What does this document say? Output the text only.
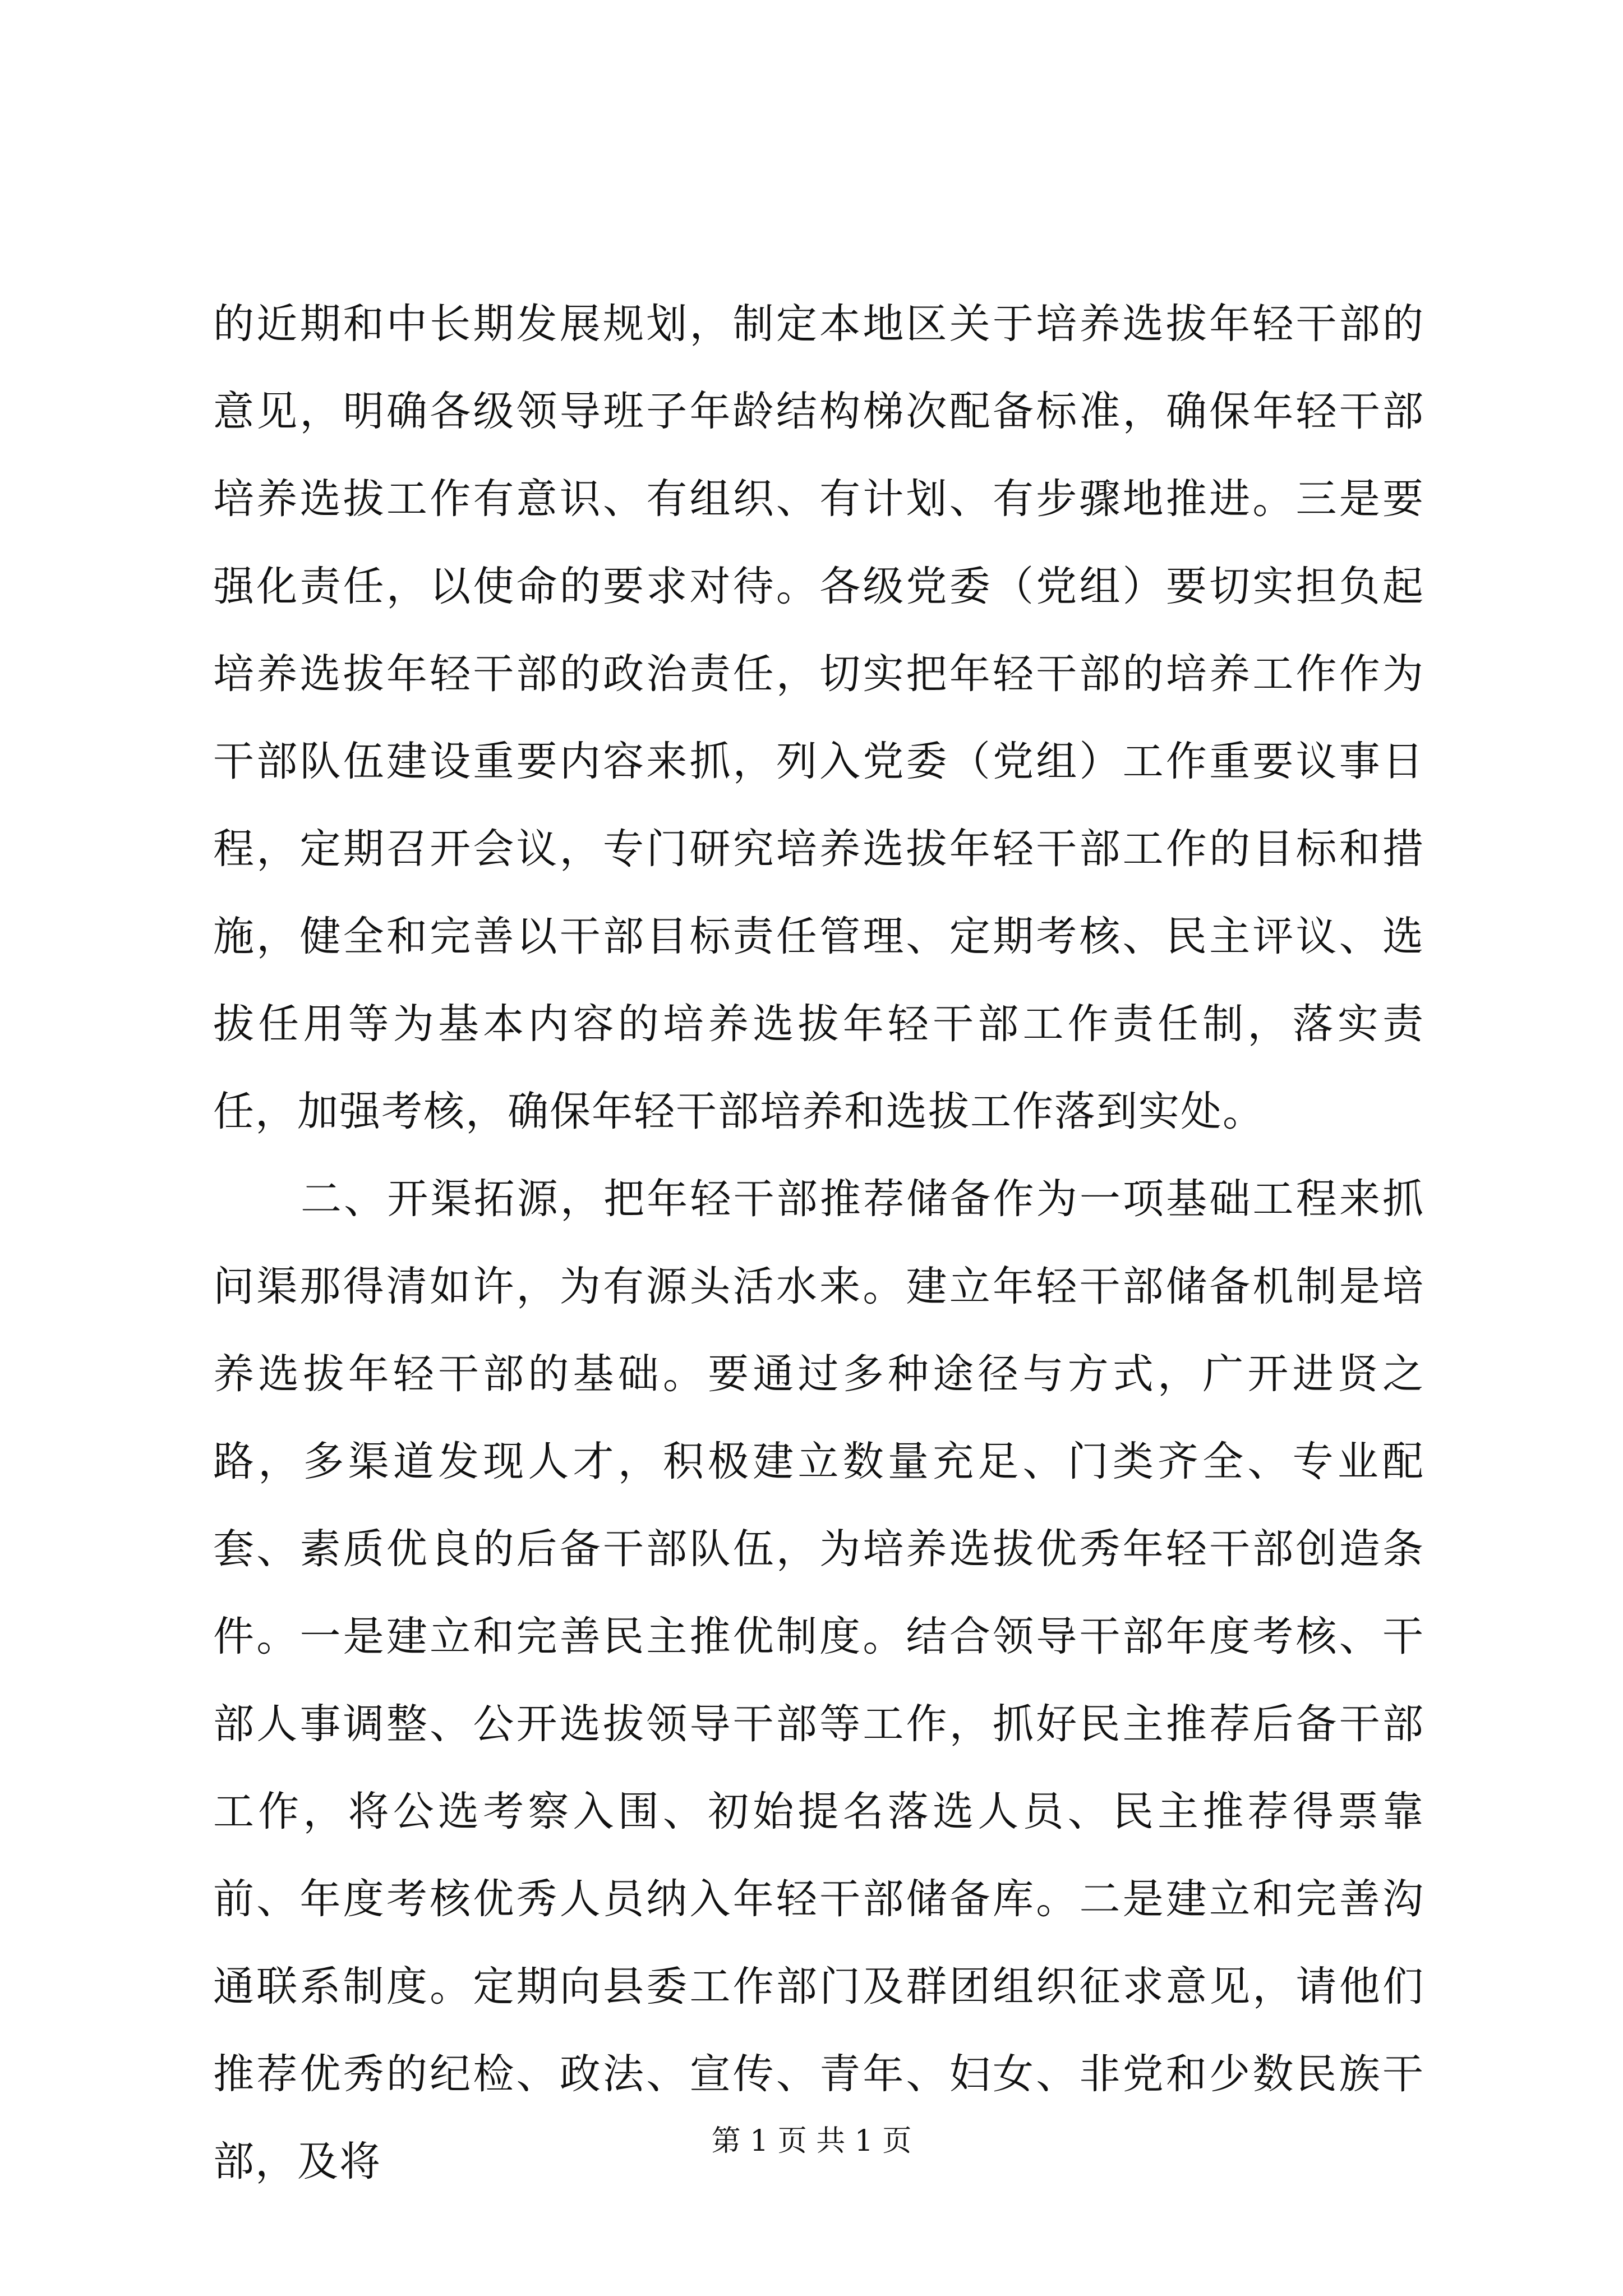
的近期和中长期发展规划，制定本地区关于培养选拔年轻干部的意见，明确各级领导班子年龄结构梯次配备标准，确保年轻干部培养选拔工作有意识、有组织、有计划、有步骤地推进。三是要强化责任，以使命的要求对待。各级党委（党组）要切实担负起培养选拔年轻干部的政治责任，切实把年轻干部的培养工作作为干部队伍建设重要内容来抓，列入党委（党组）工作重要议事日程，定期召开会议，专门研究培养选拔年轻干部工作的目标和措施，健全和完善以干部目标责任管理、定期考核、民主评议、选拔任用等为基本内容的培养选拔年轻干部工作责任制，落实责任，加强考核，确保年轻干部培养和选拔工作落到实处。

二、开渠拓源，把年轻干部推荐储备作为一项基础工程来抓问渠那得清如许，为有源头活水来。建立年轻干部储备机制是培养选拔年轻干部的基础。要通过多种途径与方式，广开进贤之路，多渠道发现人才，积极建立数量充足、门类齐全、专业配套、素质优良的后备干部队伍，为培养选拔优秀年轻干部创造条件。一是建立和完善民主推优制度。结合领导干部年度考核、干部人事调整、公开选拔领导干部等工作，抓好民主推荐后备干部工作，将公选考察入围、初始提名落选人员、民主推荐得票靠前、年度考核优秀人员纳入年轻干部储备库。二是建立和完善沟通联系制度。定期向县委工作部门及群团组织征求意见，请他们推荐优秀的纪检、政法、宣传、青年、妇女、非党和少数民族干部，及将	第 1 页 共 1 页
